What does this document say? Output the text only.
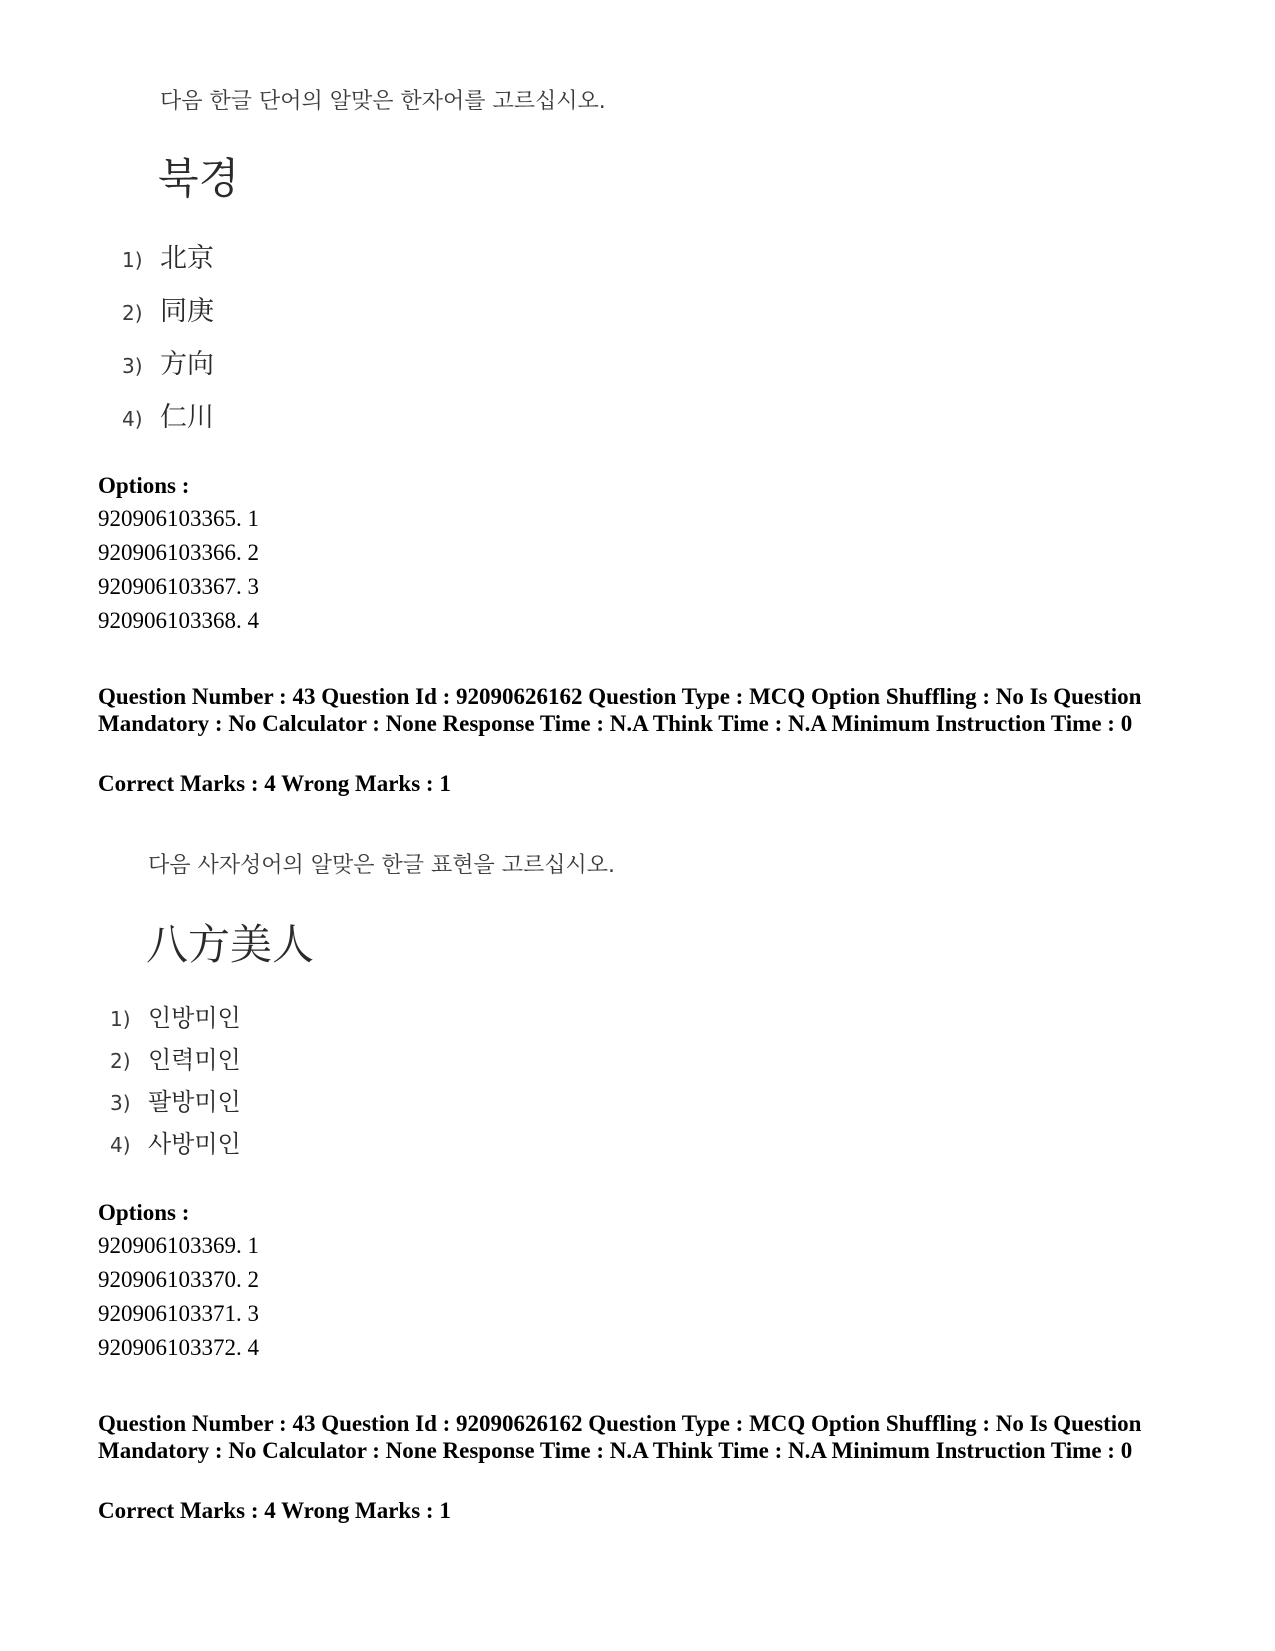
다음 한글 단어의 알맞은 한자어를 고르십시오.
북경
1) 北京
2) 同庚
3) 方向
4) 仁川
Options :
920906103365. 1
920906103366. 2
920906103367. 3
920906103368. 4
Question Number : 43 Question Id : 92090626162 Question Type : MCQ Option Shuffling : No Is Question Mandatory : No Calculator : None Response Time : N.A Think Time : N.A Minimum Instruction Time : 0
Correct Marks : 4 Wrong Marks : 1
다음 사자성어의 알맞은 한글 표현을 고르십시오.
八方美人
1) 인방미인
2) 인력미인
3) 팔방미인
4) 사방미인
Options :
920906103369. 1
920906103370. 2
920906103371. 3
920906103372. 4
Question Number : 43 Question Id : 92090626162 Question Type : MCQ Option Shuffling : No Is Question Mandatory : No Calculator : None Response Time : N.A Think Time : N.A Minimum Instruction Time : 0
Correct Marks : 4 Wrong Marks : 1
